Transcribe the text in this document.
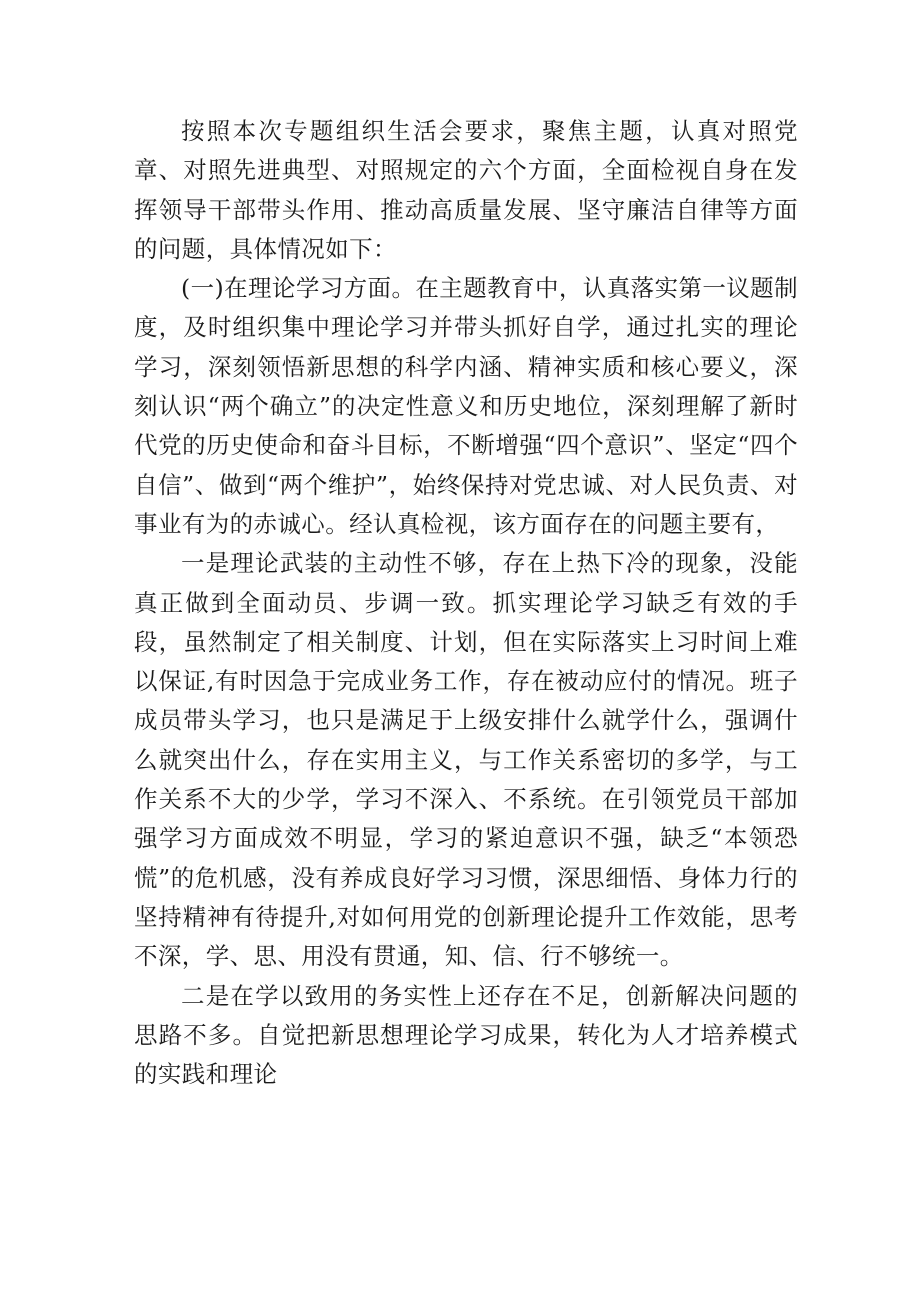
按照本次专题组织生活会要求，聚焦主题，认真对照党章、对照先进典型、对照规定的六个方面，全面检视自身在发挥领导干部带头作用、推动高质量发展、坚守廉洁自律等方面的问题，具体情况如下：

(一)在理论学习方面。在主题教育中，认真落实第一议题制度，及时组织集中理论学习并带头抓好自学，通过扎实的理论学习，深刻领悟新思想的科学内涵、精神实质和核心要义，深刻认识“两个确立”的决定性意义和历史地位，深刻理解了新时代党的历史使命和奋斗目标，不断增强“四个意识”、坚定“四个自信”、做到“两个维护”，始终保持对党忠诚、对人民负责、对事业有为的赤诚心。经认真检视，该方面存在的问题主要有，

一是理论武装的主动性不够，存在上热下冷的现象，没能真正做到全面动员、步调一致。抓实理论学习缺乏有效的手段，虽然制定了相关制度、计划，但在实际落实上习时间上难以保证,有时因急于完成业务工作，存在被动应付的情况。班子成员带头学习，也只是满足于上级安排什么就学什么，强调什么就突出什么，存在实用主义，与工作关系密切的多学，与工作关系不大的少学，学习不深入、不系统。在引领党员干部加强学习方面成效不明显，学习的紧迫意识不强，缺乏“本领恐慌”的危机感，没有养成良好学习习惯，深思细悟、身体力行的坚持精神有待提升,对如何用党的创新理论提升工作效能，思考不深，学、思、用没有贯通，知、信、行不够统一。

二是在学以致用的务实性上还存在不足，创新解决问题的思路不多。自觉把新思想理论学习成果，转化为人才培养模式的实践和理论
